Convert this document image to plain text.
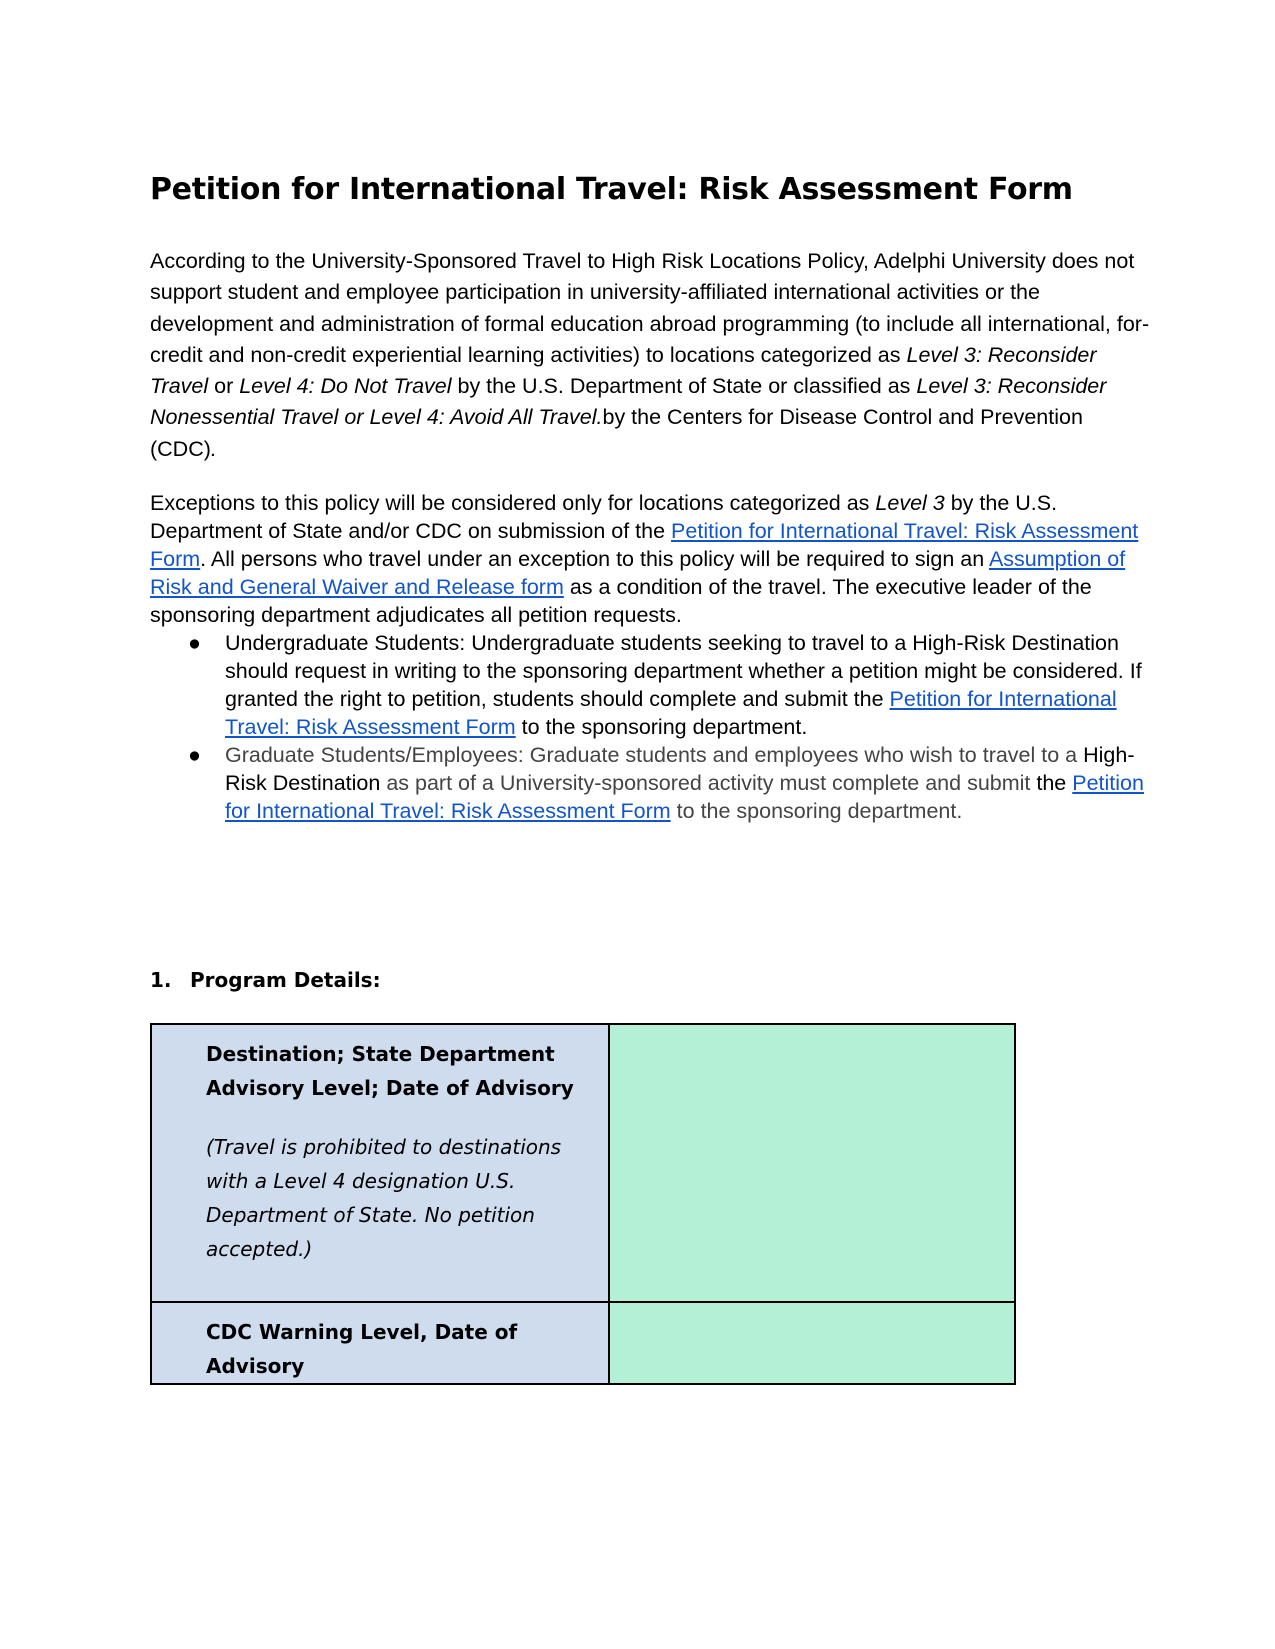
Petition for International Travel: Risk Assessment Form

According to the University-Sponsored Travel to High Risk Locations Policy, Adelphi University does not support student and employee participation in university-affiliated international activities or the development and administration of formal education abroad programming (to include all international, for-credit and non-credit experiential learning activities) to locations categorized as Level 3: Reconsider Travel or Level 4: Do Not Travel by the U.S. Department of State or classified as Level 3: Reconsider Nonessential Travel or Level 4: Avoid All Travel.by the Centers for Disease Control and Prevention (CDC).

Exceptions to this policy will be considered only for locations categorized as Level 3 by the U.S. Department of State and/or CDC on submission of the Petition for International Travel: Risk Assessment Form. All persons who travel under an exception to this policy will be required to sign an Assumption of Risk and General Waiver and Release form as a condition of the travel. The executive leader of the sponsoring department adjudicates all petition requests.

● Undergraduate Students: Undergraduate students seeking to travel to a High-Risk Destination should request in writing to the sponsoring department whether a petition might be considered. If granted the right to petition, students should complete and submit the Petition for International Travel: Risk Assessment Form to the sponsoring department.
● Graduate Students/Employees: Graduate students and employees who wish to travel to a High-Risk Destination as part of a University-sponsored activity must complete and submit the Petition for International Travel: Risk Assessment Form to the sponsoring department.
1. Program Details:
Destination; State Department Advisory Level; Date of Advisory
(Travel is prohibited to destinations with a Level 4 designation U.S. Department of State. No petition accepted.)	

CDC Warning Level, Date of Advisory	
